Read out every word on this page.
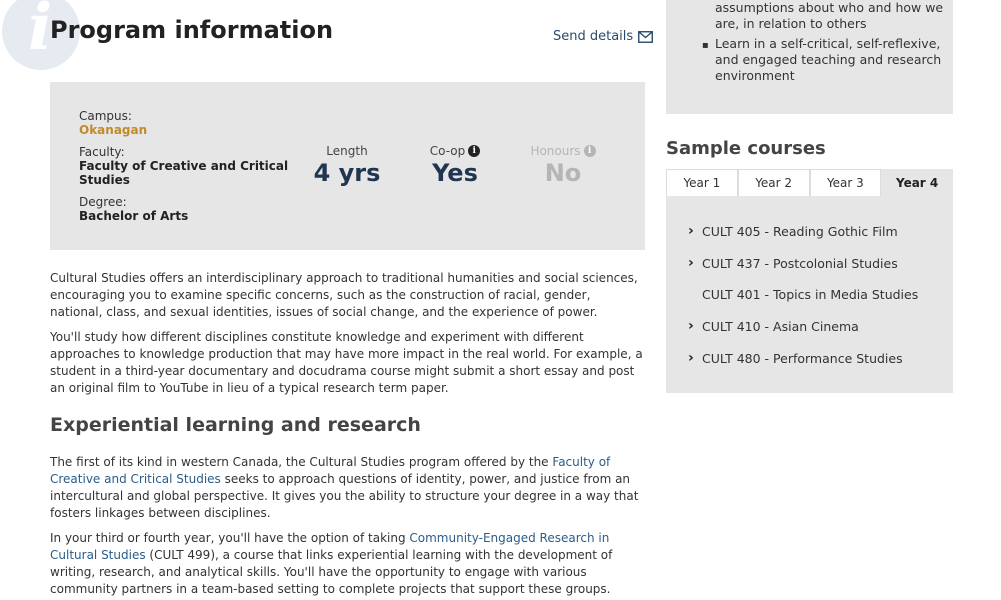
i
Program information	Send details
Campus:
Okanagan
Faculty:
Faculty of Creative and Critical
Studies
Degree:
Bachelor of Arts
Length
4 yrs
Co-op i
Yes
Honours i
No

Cultural Studies offers an interdisciplinary approach to traditional humanities and social sciences, encouraging you to examine specific concerns, such as the construction of racial, gender, national, class, and sexual identities, issues of social change, and the experience of power.

You'll study how different disciplines constitute knowledge and experiment with different approaches to knowledge production that may have more impact in the real world. For example, a student in a third-year documentary and docudrama course might submit a short essay and post an original film to YouTube in lieu of a typical research term paper.

Experiential learning and research

The first of its kind in western Canada, the Cultural Studies program offered by the Faculty of Creative and Critical Studies seeks to approach questions of identity, power, and justice from an intercultural and global perspective. It gives you the ability to structure your degree in a way that fosters linkages between disciplines.

In your third or fourth year, you'll have the option of taking Community-Engaged Research in Cultural Studies (CULT 499), a course that links experiential learning with the development of writing, research, and analytical skills. You'll have the opportunity to engage with various community partners in a team-based setting to complete projects that support these groups.

assumptions about who and how we

are, in relation to others

• Learn in a self-critical, self-reflexive, and engaged teaching and research environment
Sample courses
Year 1	Year 2	Year 3	Year 4
› CULT 405 - Reading Gothic Film
› CULT 437 - Postcolonial Studies
CULT 401 - Topics in Media Studies
› CULT 410 - Asian Cinema
› CULT 480 - Performance Studies
